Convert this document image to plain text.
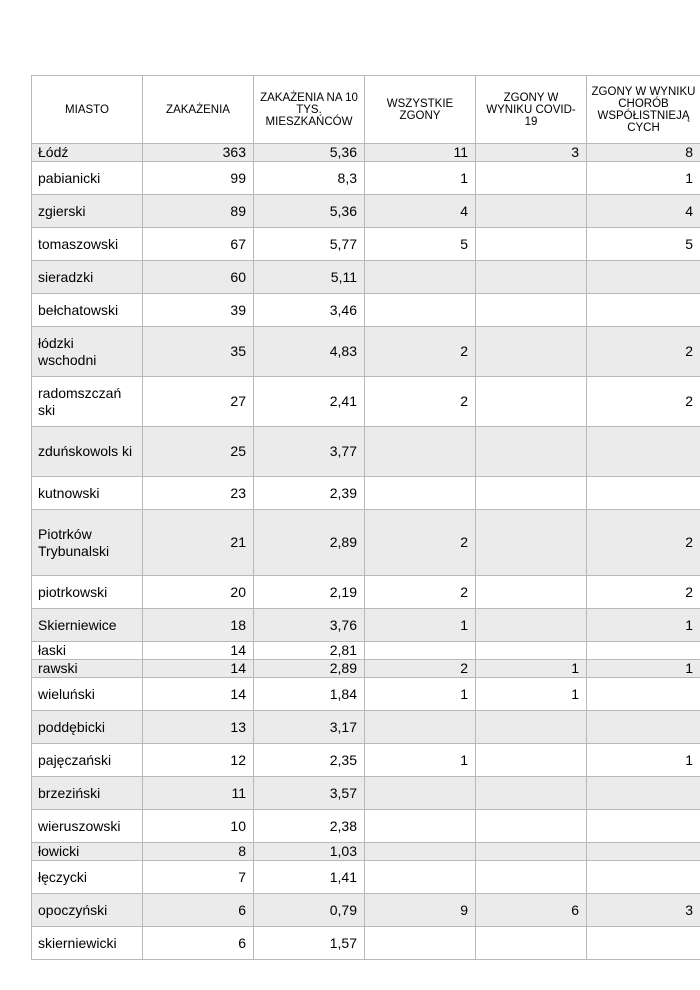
MIASTO	ZAKAŻENIA	ZAKAŻENIA NA 10 TYS. MIESZKAŃCÓW	WSZYSTKIE ZGONY	ZGONY W WYNIKU COVID-19	ZGONY W WYNIKU CHORÓB WSPÓŁISTNIEJĄ CYCH
Łódź	363	5,36	11	3	8
pabianicki	99	8,3	1		1
zgierski	89	5,36	4		4
tomaszowski	67	5,77	5		5
sieradzki	60	5,11			
bełchatowski	39	3,46			
łódzki wschodni	35	4,83	2		2
radomszczań ski	27	2,41	2		2
zduńskowols ki	25	3,77			
kutnowski	23	2,39			
Piotrków Trybunalski	21	2,89	2		2
piotrkowski	20	2,19	2		2
Skierniewice	18	3,76	1		1
łaski	14	2,81			
rawski	14	2,89	2	1	1
wieluński	14	1,84	1	1	
poddębicki	13	3,17			
pajęczański	12	2,35	1		1
brzeziński	11	3,57			
wieruszowski	10	2,38			
łowicki	8	1,03			
łęczycki	7	1,41			
opoczyński	6	0,79	9	6	3
skierniewicki	6	1,57			
